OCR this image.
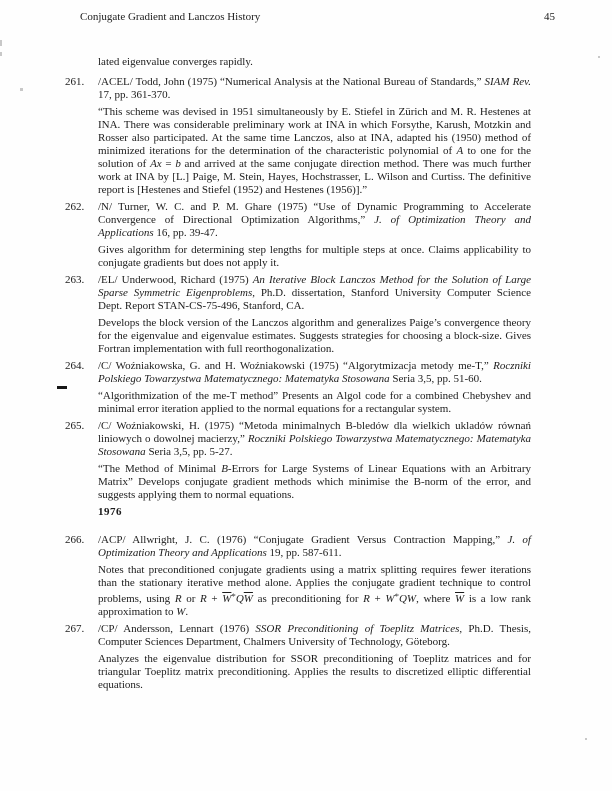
Conjugate Gradient and Lanczos History	45

lated eigenvalue converges rapidly.

261. /ACEL/ Todd, John (1975) “Numerical Analysis at the National Bureau of Standards,” SIAM Rev. 17, pp. 361-370.

“This scheme was devised in 1951 simultaneously by E. Stiefel in Zürich and M. R. Hestenes at INA. There was considerable preliminary work at INA in which Forsythe, Karush, Motzkin and Rosser also participated. At the same time Lanczos, also at INA, adapted his (1950) method of minimized iterations for the determination of the characteristic polynomial of A to one for the solution of Ax = b and arrived at the same conjugate direction method. There was much further work at INA by [L.] Paige, M. Stein, Hayes, Hochstrasser, L. Wilson and Curtiss. The definitive report is [Hestenes and Stiefel (1952) and Hestenes (1956)].”

262. /N/ Turner, W. C. and P. M. Ghare (1975) “Use of Dynamic Programming to Accelerate Convergence of Directional Optimization Algorithms,” J. of Optimization Theory and Applications 16, pp. 39-47.

Gives algorithm for determining step lengths for multiple steps at once. Claims applicability to conjugate gradients but does not apply it.

263. /EL/ Underwood, Richard (1975) An Iterative Block Lanczos Method for the Solution of Large Sparse Symmetric Eigenproblems, Ph.D. dissertation, Stanford University Computer Science Dept. Report STAN-CS-75-496, Stanford, CA.

Develops the block version of the Lanczos algorithm and generalizes Paige’s convergence theory for the eigenvalue and eigenvalue estimates. Suggests strategies for choosing a block-size. Gives Fortran implementation with full reorthogonalization.

264. /C/ Woźniakowska, G. and H. Woźniakowski (1975) “Algorytmizacja metody me-T,” Roczniki Polskiego Towarzystwa Matematycznego: Matematyka Stosowana Seria 3,5, pp. 51-60.

“Algorithmization of the me-T method” Presents an Algol code for a combined Chebyshev and minimal error iteration applied to the normal equations for a rectangular system.

265. /C/ Woźniakowski, H. (1975) “Metoda minimalnych B-bledów dla wielkich ukladów równań liniowych o dowolnej macierzy,” Roczniki Polskiego Towarzystwa Matematycznego: Matematyka Stosowana Seria 3,5, pp. 5-27.

“The Method of Minimal B-Errors for Large Systems of Linear Equations with an Arbitrary Matrix” Develops conjugate gradient methods which minimise the B-norm of the error, and suggests applying them to normal equations.

1976

266. /ACP/ Allwright, J. C. (1976) “Conjugate Gradient Versus Contraction Mapping,” J. of Optimization Theory and Applications 19, pp. 587-611.

Notes that preconditioned conjugate gradients using a matrix splitting requires fewer iterations than the stationary iterative method alone. Applies the conjugate gradient technique to control problems, using R or $R + \overline{W}^*Q\overline{W}$ as preconditioning for R + W*QW, where $\overline{W}$ is a low rank approximation to W.

267. /CP/ Andersson, Lennart (1976) SSOR Preconditioning of Toeplitz Matrices, Ph.D. Thesis, Computer Sciences Department, Chalmers University of Technology, Göteborg.

Analyzes the eigenvalue distribution for SSOR preconditioning of Toeplitz matrices and for triangular Toeplitz matrix preconditioning. Applies the results to discretized elliptic differential equations.
